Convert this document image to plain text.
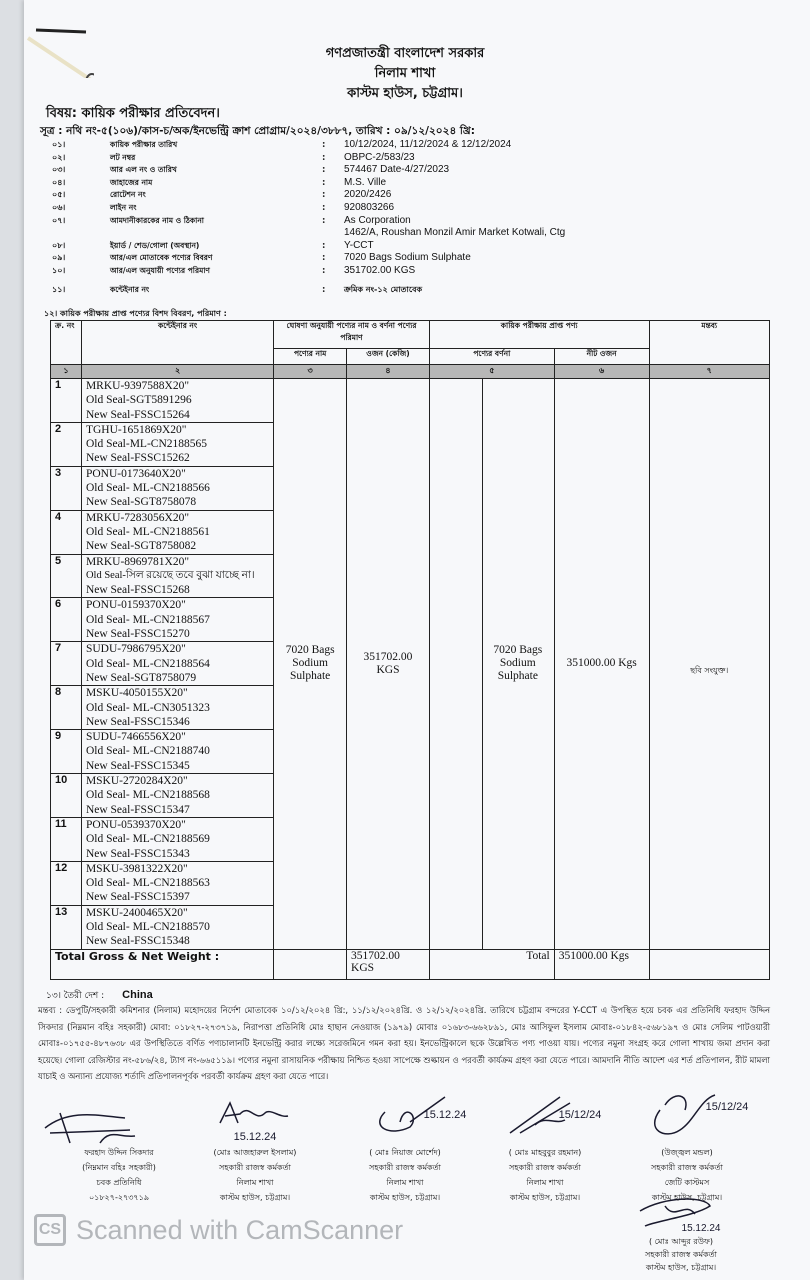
গণপ্রজাতন্ত্রী বাংলাদেশ সরকার
নিলাম শাখা
কাস্টম হাউস, চট্টগ্রাম।
বিষয়: কায়িক পরীক্ষার প্রতিবেদন।
সূত্র : নথি নং-৫(১০৬)/কাস-চ/অক/ইনভেন্ট্রি ক্রাশ প্রোগ্রাম/২০২৪/৩৮৮৭, তারিখ : ০৯/১২/২০২৪ খ্রি:
০১।	কায়িক পরীক্ষার তারিখ	:	10/12/2024, 11/12/2024 & 12/12/2024
০২।	লট নম্বর	:	OBPC-2/583/23
০৩।	আর এল নং ও তারিখ	:	574467 Date-4/27/2023
০৪।	জাহাজের নাম	:	M.S. Ville
০৫।	রোটেশন নং	:	2020/2426
০৬।	লাইন নং	:	920803266
০৭।	আমদানীকারকের নাম ও ঠিকানা	:	As Corporation
1462/A, Roushan Monzil Amir Market Kotwali, Ctg
০৮।	ইয়ার্ড / শেড/গোলা (অবস্থান)	:	Y-CCT
০৯।	আর/এল মোতাবেক পণ্যের বিবরণ	:	7020 Bags Sodium Sulphate
১০।	আর/এল অনুযায়ী পণ্যের পরিমাণ	:	351702.00 KGS
১১।	কন্টেইনার নং	:	ক্রমিক নং-১২ মোতাবেক
১২। কায়িক পরীক্ষায় প্রাপ্ত পণ্যের বিশদ বিবরণ, পরিমাণ :
ক্র. নং	কন্টেইনার নং	ঘোষণা অনুযায়ী পণ্যের নাম ও বর্ণনা পণ্যের পরিমাণ		কায়িক পরীক্ষায় প্রাপ্ত পণ্য		মন্তব্য
		পণ্যের নাম	ওজন (কেজি)	পণ্যের বর্ণনা	নীট ওজন	
১	২	৩	৪	৫	৬	৭
1	MRKU-9397588X20"
Old Seal-SGT5891296
New Seal-FSSC15264	7020 Bags Sodium Sulphate	351702.00 KGS	7020 Bags Sodium Sulphate	351000.00 Kgs	ছবি সংযুক্ত।
2	TGHU-1651869X20"
Old Seal-ML-CN2188565
New Seal-FSSC15262					

3	PONU-0173640X20"
Old Seal- ML-CN2188566
New Seal-SGT8758078					

4	MRKU-7283056X20"
Old Seal- ML-CN2188561
New Seal-SGT8758082					

5	MRKU-8969781X20"
Old Seal-সিল রয়েছে তবে বুঝা যাচ্ছে না।
New Seal-FSSC15268					

6	PONU-0159370X20"
Old Seal- ML-CN2188567
New Seal-FSSC15270					

7	SUDU-7986795X20"
Old Seal- ML-CN2188564
New Seal-SGT8758079					

8	MSKU-4050155X20"
Old Seal- ML-CN3051323
New Seal-FSSC15346					

9	SUDU-7466556X20"
Old Seal- ML-CN2188740
New Seal-FSSC15345					

10	MSKU-2720284X20"
Old Seal- ML-CN2188568
New Seal-FSSC15347					

11	PONU-0539370X20"
Old Seal- ML-CN2188569
New Seal-FSSC15343					

12	MSKU-3981322X20"
Old Seal- ML-CN2188563
New Seal-FSSC15397					

13	MSKU-2400465X20"
Old Seal- ML-CN2188570
New Seal-FSSC15348					

Total Gross & Net Weight :			351702.00 KGS	Total	351000.00 Kgs	
১৩। তৈরী দেশ : China
মন্তব্য : ডেপুটি/সহকারী কমিশনার (নিলাম) মহোদয়ের নির্দেশ মোতাবেক ১০/১২/২০২৪ খ্রি:, ১১/১২/২০২৪খ্রি. ও ১২/১২/২০২৪খ্রি. তারিখে চট্টগ্রাম বন্দরের Y-CCT এ উপস্থিত হয়ে চবক এর প্রতিনিধি ফরহাদ উদ্দিন সিকদার (নিম্নমান বহিঃ সহকারী) মোবা: ০১৮২৭-২৭৩৭১৯, নিরাপত্তা প্রতিনিধি মোঃ হাছান নেওয়াজ (১৯৭৯) মোবাঃ ০১৬৮৩-৬৬২৮৯১, মোঃ আসিফুল ইসলাম মোবাঃ-০১৮৪২-৫৬৮১৯৭ ও মোঃ সেলিম পাটওয়ারী মোবাঃ-০১৭৫৫-৪৮৭৬৩৮ এর উপস্থিতিতে বর্ণিত পণ্যচালানটি ইনভেন্ট্রি করার লক্ষ্যে সরেজমিনে গমন করা হয়। ইনভেন্ট্রিকালে ছকে উল্লেখিত পণ্য পাওয়া যায়। পণ্যের নমুনা সংগ্রহ করে গোলা শাখায় জমা প্রদান করা হয়েছে। গোলা রেজিস্টার নং-৫৮৬/২৪, ট্যাগ নং-৬৬৫১১৯। পণ্যের নমুনা রাসায়নিক পরীক্ষায় নিশ্চিত হওয়া সাপেক্ষে শুল্কায়ন ও পরবর্তী কার্যক্রম গ্রহণ করা যেতে পারে। আমদানি নীতি আদেশ এর শর্ত প্রতিপালন, রীট মামলা যাচাই ও অন্যান্য প্রযোজ্য শর্তাদি প্রতিপালনপূর্বক পরবর্তী কার্যক্রম গ্রহণ করা যেতে পারে।
ফরহাদ উদ্দিন সিকদার
(নিম্নমান বহিঃ সহকারী)
চবক প্রতিনিধি
০১৮২৭-২৭৩৭১৯
15.12.24
(মোঃ আজহারুল ইসলাম)
সহকারী রাজস্ব কর্মকর্তা
নিলাম শাখা
কাস্টম হাউস, চট্টগ্রাম।
15.12.24
( মোঃ নিয়াজ মোর্শেদ)
সহকারী রাজস্ব কর্মকর্তা
নিলাম শাখা
কাস্টম হাউস, চট্টগ্রাম।
15/12/24
( মোঃ মাহবুবুর রহমান)
সহকারী রাজস্ব কর্মকর্তা
নিলাম শাখা
কাস্টম হাউস, চট্টগ্রাম।
15/12/24
(উজ্জ্বল মন্ডল)
সহকারী রাজস্ব কর্মকর্তা
জেটি কাস্টমস
কাস্টম হাউস, চট্টগ্রাম।
15.12.24
( মোঃ আব্দুর রউফ)
সহকারী রাজস্ব কর্মকর্তা
কাস্টম হাউস, চট্টগ্রাম।
CS Scanned with CamScanner
